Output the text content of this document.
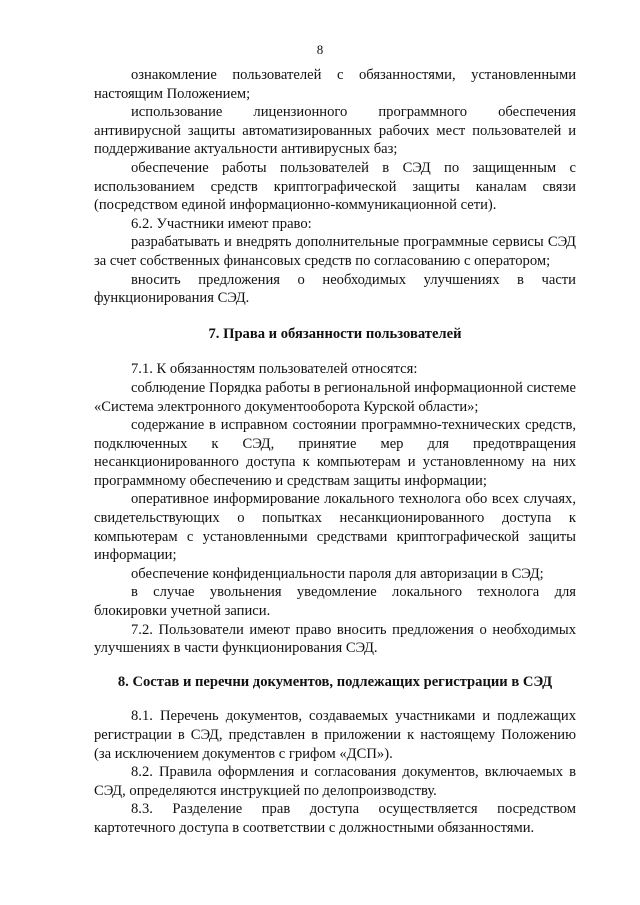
8

ознакомление пользователей с обязанностями, установленными настоящим Положением;

использование лицензионного программного обеспечения антивирусной защиты автоматизированных рабочих мест пользователей и поддерживание актуальности антивирусных баз;

обеспечение работы пользователей в СЭД по защищенным с использованием средств криптографической защиты каналам связи (посредством единой информационно-коммуникационной сети).

6.2. Участники имеют право:

разрабатывать и внедрять дополнительные программные сервисы СЭД за счет собственных финансовых средств по согласованию с оператором;

вносить предложения о необходимых улучшениях в части функционирования СЭД.

7. Права и обязанности пользователей

7.1. К обязанностям пользователей относятся:

соблюдение Порядка работы в региональной информационной системе «Система электронного документооборота Курской области»;

содержание в исправном состоянии программно-технических средств, подключенных к СЭД, принятие мер для предотвращения несанкционированного доступа к компьютерам и установленному на них программному обеспечению и средствам защиты информации;

оперативное информирование локального технолога обо всех случаях, свидетельствующих о попытках несанкционированного доступа к компьютерам с установленными средствами криптографической защиты информации;

обеспечение конфиденциальности пароля для авторизации в СЭД;

в случае увольнения уведомление локального технолога для блокировки учетной записи.

7.2. Пользователи имеют право вносить предложения о необходимых улучшениях в части функционирования СЭД.

8. Состав и перечни документов, подлежащих регистрации в СЭД

8.1. Перечень документов, создаваемых участниками и подлежащих регистрации в СЭД, представлен в приложении к настоящему Положению (за исключением документов с грифом «ДСП»).

8.2. Правила оформления и согласования документов, включаемых в СЭД, определяются инструкцией по делопроизводству.

8.3. Разделение прав доступа осуществляется посредством картотечного доступа в соответствии с должностными обязанностями.
